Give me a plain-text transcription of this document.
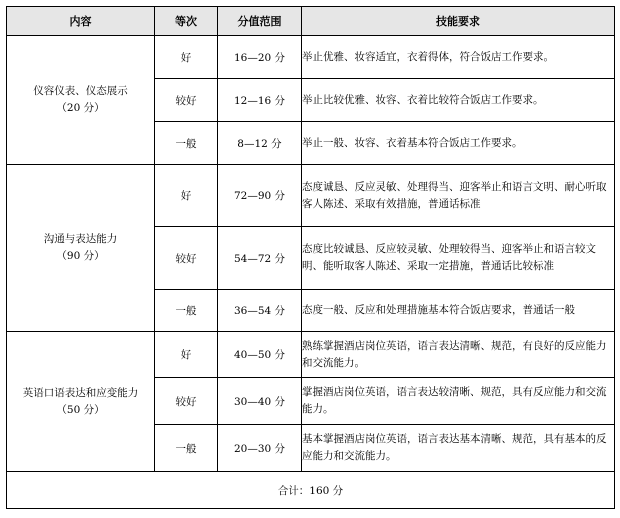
内容	等次	分值范围	技能要求

仪容仪表、仪态展示
（20 分）	好	16—20 分	举止优雅、妆容适宜，衣着得体，符合饭店工作要求。
	较好	12—16 分	举止比较优雅、妆容、衣着比较符合饭店工作要求。
	一般	8—12 分	举止一般、妆容、衣着基本符合饭店工作要求。

沟通与表达能力
（90 分）	好	72—90 分	态度诚恳、反应灵敏、处理得当、迎客举止和语言文明、耐心听取客人陈述、采取有效措施，普通话标准
	较好	54—72 分	态度比较诚恳、反应较灵敏、处理较得当、迎客举止和语言较文明、能听取客人陈述、采取一定措施，普通话比较标准
	一般	36—54 分	态度一般、反应和处理措施基本符合饭店要求，普通话一般

英语口语表达和应变能力
（50 分）	好	40—50 分	熟练掌握酒店岗位英语，语言表达清晰、规范，有良好的反应能力和交流能力。
	较好	30—40 分	掌握酒店岗位英语，语言表达较清晰、规范，具有反应能力和交流能力。
	一般	20—30 分	基本掌握酒店岗位英语，语言表达基本清晰、规范，具有基本的反应能力和交流能力。
合计：160 分			
